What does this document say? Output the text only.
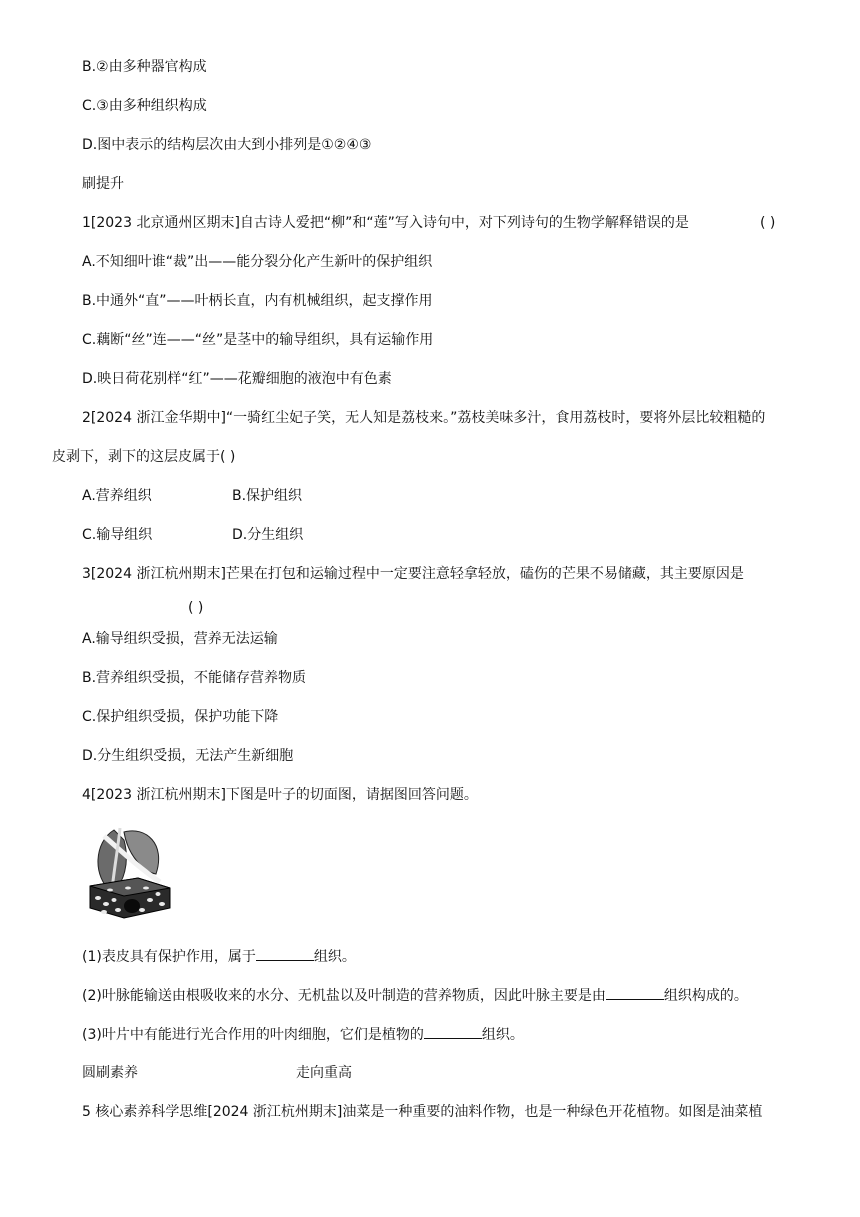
B.②由多种器官构成
C.③由多种组织构成
D.图中表示的结构层次由大到小排列是①②④③
刷提升
1[2023 北京通州区期末]自古诗人爱把“柳”和“莲”写入诗句中，对下列诗句的生物学解释错误的是	( )
A.不知细叶谁“裁”出——能分裂分化产生新叶的保护组织
B.中通外“直”——叶柄长直，内有机械组织，起支撑作用
C.藕断“丝”连——“丝”是茎中的输导组织，具有运输作用
D.映日荷花别样“红”——花瓣细胞的液泡中有色素
2[2024 浙江金华期中]“一骑红尘妃子笑，无人知是荔枝来。”荔枝美味多汁，食用荔枝时，要将外层比较粗糙的
皮剥下，剥下的这层皮属于( )
A.营养组织	B.保护组织
C.输导组织	D.分生组织
3[2024 浙江杭州期末]芒果在打包和运输过程中一定要注意轻拿轻放，磕伤的芒果不易储藏，其主要原因是
( )
A.输导组织受损，营养无法运输
B.营养组织受损，不能储存营养物质
C.保护组织受损，保护功能下降
D.分生组织受损，无法产生新细胞
4[2023 浙江杭州期末]下图是叶子的切面图，请据图回答问题。
(1)表皮具有保护作用，属于	组织。
(2)叶脉能输送由根吸收来的水分、无机盐以及叶制造的营养物质，因此叶脉主要是由	组织构成的。
(3)叶片中有能进行光合作用的叶肉细胞，它们是植物的	组织。
圆刷素养	走向重高
5 核心素养科学思维[2024 浙江杭州期末]油菜是一种重要的油料作物，也是一种绿色开花植物。如图是油菜植
